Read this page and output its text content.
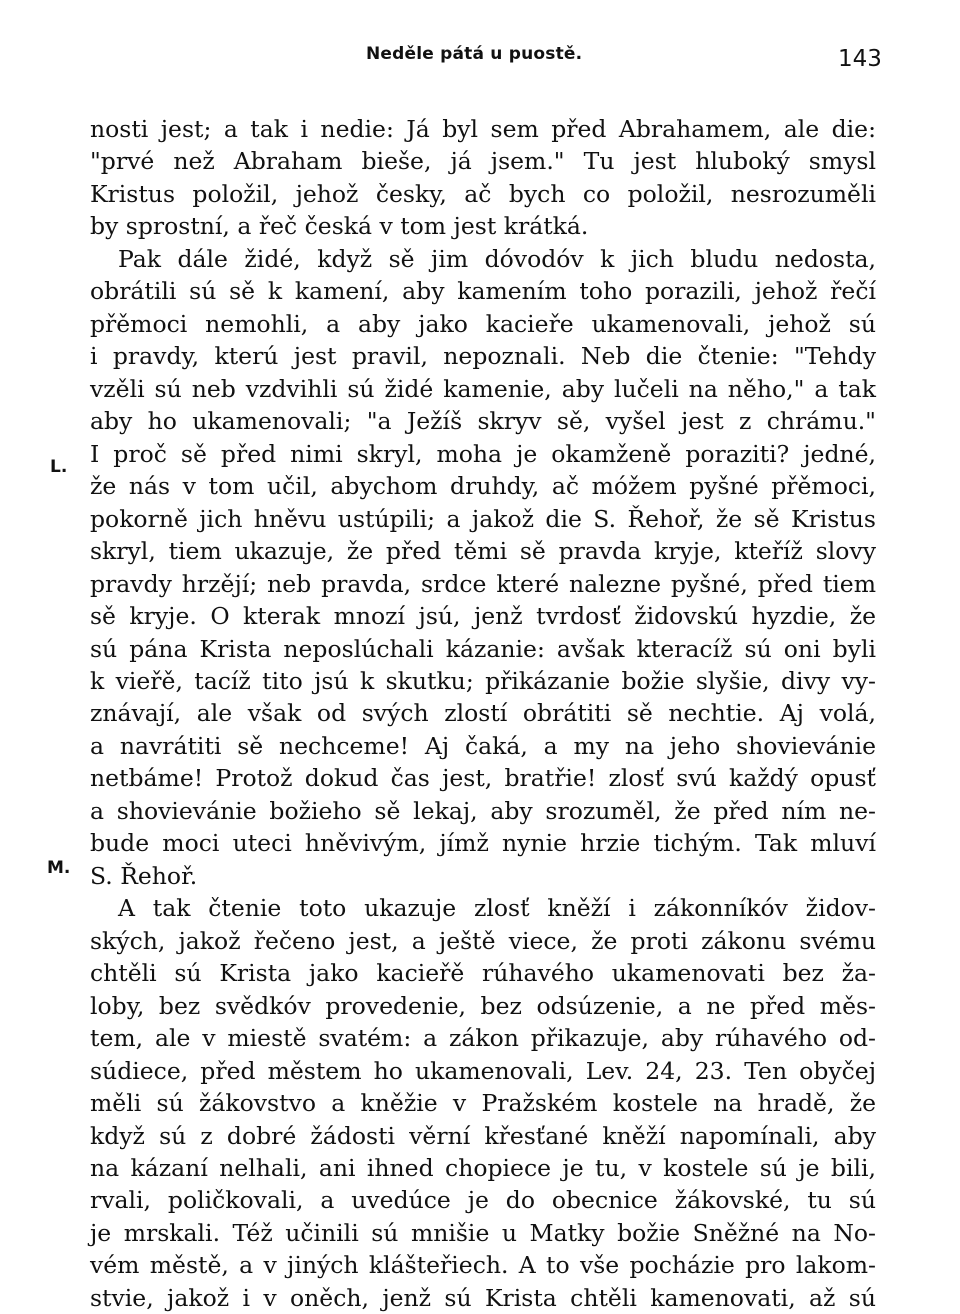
Neděle pátá u puostě.	143
L.
M.
nosti jest; a tak i nedie: Já byl sem před Abrahamem, ale die:
"prvé než Abraham bieše, já jsem." Tu jest hluboký smysl
Kristus položil, jehož česky, ač bych co položil, nesrozuměli
by sprostní, a řeč česká v tom jest krátká.
Pak dále židé, když sě jim dóvodóv k jich bludu nedosta,
obrátili sú sě k kamení, aby kamením toho porazili, jehož řečí
přěmoci nemohli, a aby jako kacieře ukamenovali, jehož sú
i pravdy, kterú jest pravil, nepoznali. Neb die čtenie: "Tehdy
vzěli sú neb vzdvihli sú židé kamenie, aby lučeli na něho," a tak
aby ho ukamenovali; "a Ježíš skryv sě, vyšel jest z chrámu."
I proč sě před nimi skryl, moha je okamženě poraziti? jedné,
že nás v tom učil, abychom druhdy, ač móžem pyšné přěmoci,
pokorně jich hněvu ustúpili; a jakož die S. Řehoř, že sě Kristus
skryl, tiem ukazuje, že před těmi sě pravda kryje, kteříž slovy
pravdy hrzějí; neb pravda, srdce které nalezne pyšné, před tiem
sě kryje. O kterak mnozí jsú, jenž tvrdosť židovskú hyzdie, že
sú pána Krista neposlúchali kázanie: avšak kteracíž sú oni byli
k vieřě, tacíž tito jsú k skutku; přikázanie božie slyšie, divy vy-
znávají, ale však od svých zlostí obrátiti sě nechtie. Aj volá,
a navrátiti sě nechceme! Aj čaká, a my na jeho shovievánie
netbáme! Protož dokud čas jest, bratřie! zlosť svú každý opusť
a shovievánie božieho sě lekaj, aby srozuměl, že před ním ne-
bude moci uteci hněvivým, jímž nynie hrzie tichým. Tak mluví
S. Řehoř.
A tak čtenie toto ukazuje zlosť kněží i zákonníkóv židov-
ských, jakož řečeno jest, a ještě viece, že proti zákonu svému
chtěli sú Krista jako kacieřě rúhavého ukamenovati bez ža-
loby, bez svědkóv provedenie, bez odsúzenie, a ne před měs-
tem, ale v miestě svatém: a zákon přikazuje, aby rúhavého od-
súdiece, před městem ho ukamenovali, Lev. 24, 23. Ten obyčej
měli sú žákovstvo a kněžie v Pražském kostele na hradě, že
když sú z dobré žádosti věrní křesťané kněží napomínali, aby
na kázaní nelhali, ani ihned chopiece je tu, v kostele sú je bili,
rvali, poličkovali, a uvedúce je do obecnice žákovské, tu sú
je mrskali. Též učinili sú mnišie u Matky božie Sněžné na No-
vém městě, a v jiných klášteřiech. A to vše pocházie pro lakom-
stvie, jakož i v oněch, jenž sú Krista chtěli kamenovati, až sú
